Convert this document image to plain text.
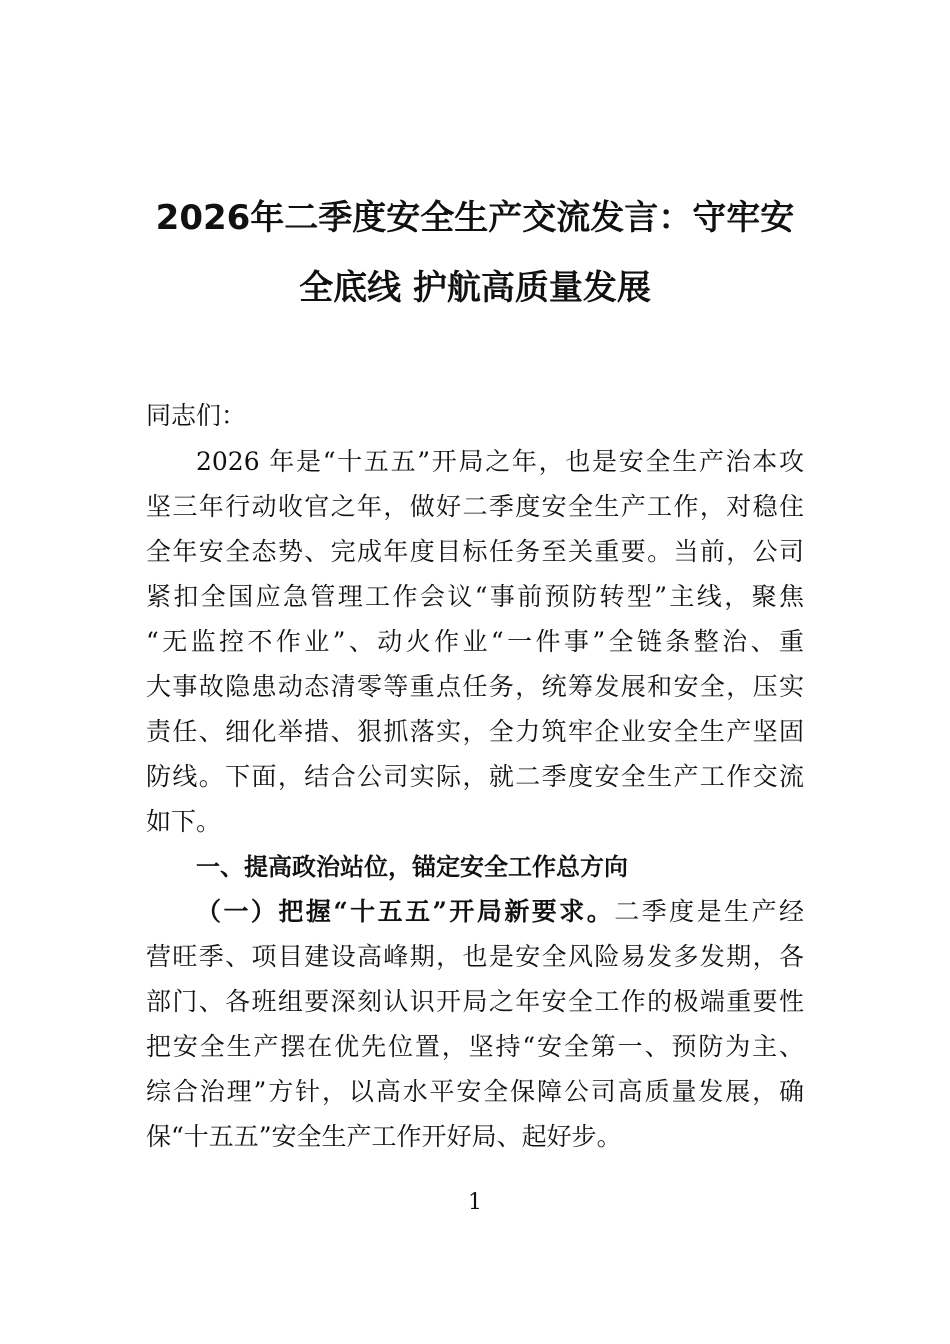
2026年二季度安全生产交流发言：守牢安
全底线 护航高质量发展
同志们：
2026 年是“十五五”开局之年，也是安全生产治本攻
坚三年行动收官之年，做好二季度安全生产工作，对稳住
全年安全态势、完成年度目标任务至关重要。当前，公司
紧扣全国应急管理工作会议“事前预防转型”主线，聚焦
“无监控不作业”、动火作业“一件事”全链条整治、重
大事故隐患动态清零等重点任务，统筹发展和安全，压实
责任、细化举措、狠抓落实，全力筑牢企业安全生产坚固
防线。下面，结合公司实际，就二季度安全生产工作交流
如下。
一、提高政治站位，锚定安全工作总方向
（一）把握“十五五”开局新要求。二季度是生产经
营旺季、项目建设高峰期，也是安全风险易发多发期，各
部门、各班组要深刻认识开局之年安全工作的极端重要性
把安全生产摆在优先位置，坚持“安全第一、预防为主、
综合治理”方针，以高水平安全保障公司高质量发展，确
保“十五五”安全生产工作开好局、起好步。
1
